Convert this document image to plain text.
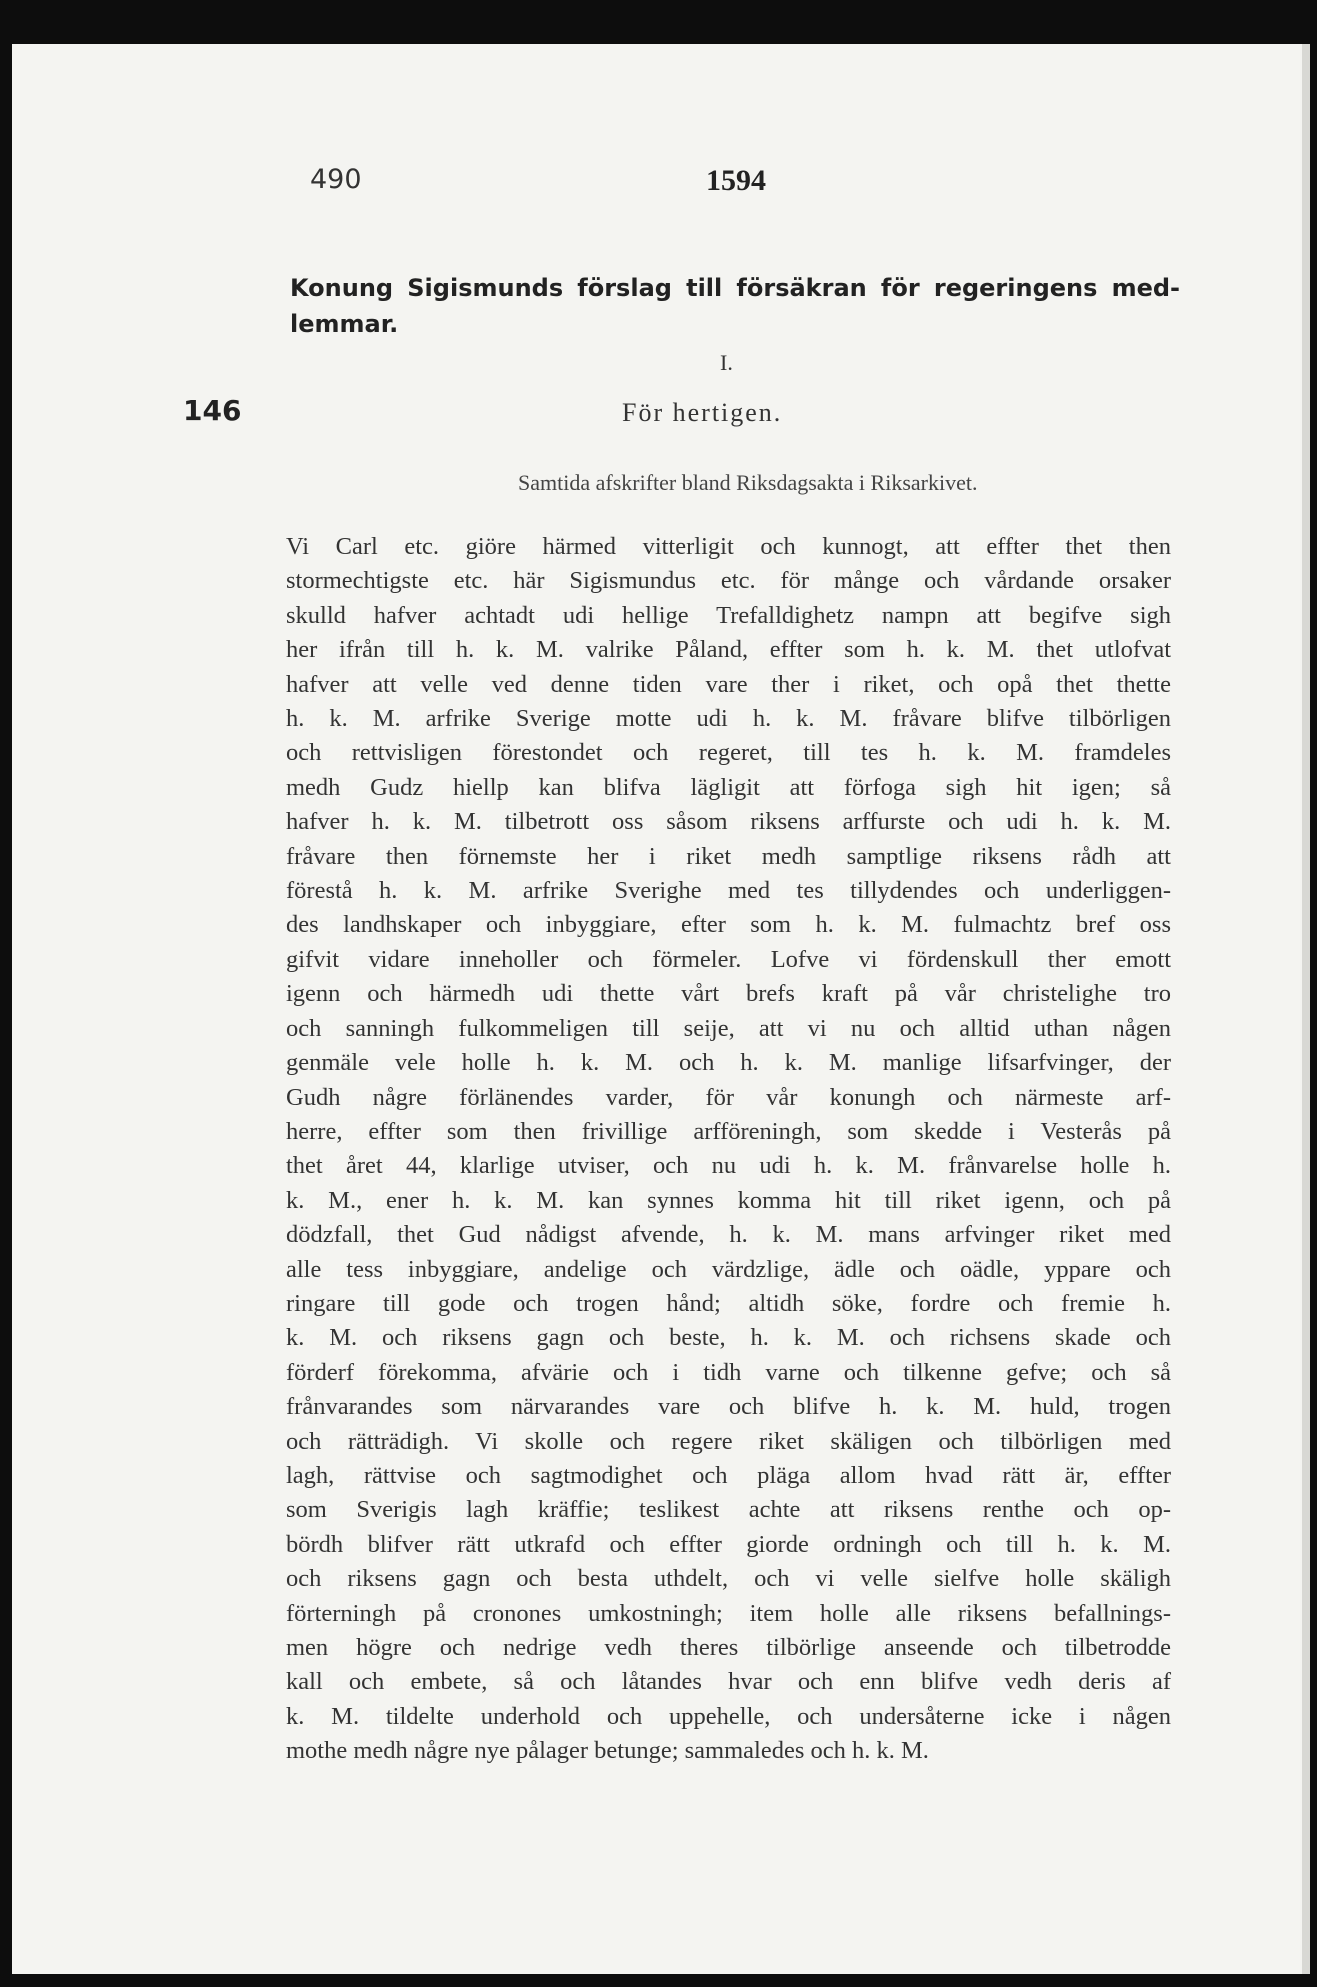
490	1594
Konung Sigismunds förslag till försäkran för regeringens med-
lemmar.
I.
146	För hertigen.
Samtida afskrifter bland Riksdagsakta i Riksarkivet.
Vi Carl etc. giöre härmed vitterligit och kunnogt, att effter thet then
stormechtigste etc. här Sigismundus etc. för månge och vårdande orsaker
skulld hafver achtadt udi hellige Trefalldighetz nampn att begifve sigh
her ifrån till h. k. M. valrike Påland, effter som h. k. M. thet utlofvat
hafver att velle ved denne tiden vare ther i riket, och opå thet thette
h. k. M. arfrike Sverige motte udi h. k. M. fråvare blifve tilbörligen
och rettvisligen förestondet och regeret, till tes h. k. M. framdeles
medh Gudz hiellp kan blifva lägligit att förfoga sigh hit igen; så
hafver h. k. M. tilbetrott oss såsom riksens arffurste och udi h. k. M.
fråvare then förnemste her i riket medh samptlige riksens rådh att
förestå h. k. M. arfrike Sverighe med tes tillydendes och underliggen-
des landhskaper och inbyggiare, efter som h. k. M. fulmachtz bref oss
gifvit vidare inneholler och förmeler. Lofve vi fördenskull ther emott
igenn och härmedh udi thette vårt brefs kraft på vår christelighe tro
och sanningh fulkommeligen till seije, att vi nu och alltid uthan någen
genmäle vele holle h. k. M. och h. k. M. manlige lifsarfvinger, der
Gudh någre förlänendes varder, för vår konungh och närmeste arf-
herre, effter som then frivillige arfföreningh, som skedde i Vesterås på
thet året 44, klarlige utviser, och nu udi h. k. M. frånvarelse holle h.
k. M., ener h. k. M. kan synnes komma hit till riket igenn, och på
dödzfall, thet Gud nådigst afvende, h. k. M. mans arfvinger riket med
alle tess inbyggiare, andelige och värdzlige, ädle och oädle, yppare och
ringare till gode och trogen hånd; altidh söke, fordre och fremie h.
k. M. och riksens gagn och beste, h. k. M. och richsens skade och
förderf förekomma, afvärie och i tidh varne och tilkenne gefve; och så
frånvarandes som närvarandes vare och blifve h. k. M. huld, trogen
och rätträdigh. Vi skolle och regere riket skäligen och tilbörligen med
lagh, rättvise och sagtmodighet och pläga allom hvad rätt är, effter
som Sverigis lagh kräffie; teslikest achte att riksens renthe och op-
bördh blifver rätt utkrafd och effter giorde ordningh och till h. k. M.
och riksens gagn och besta uthdelt, och vi velle sielfve holle skäligh
förterningh på cronones umkostningh; item holle alle riksens befallnings-
men högre och nedrige vedh theres tilbörlige anseende och tilbetrodde
kall och embete, så och låtandes hvar och enn blifve vedh deris af
k. M. tildelte underhold och uppehelle, och undersåterne icke i någen
mothe medh någre nye pålager betunge; sammaledes och h. k. M.
